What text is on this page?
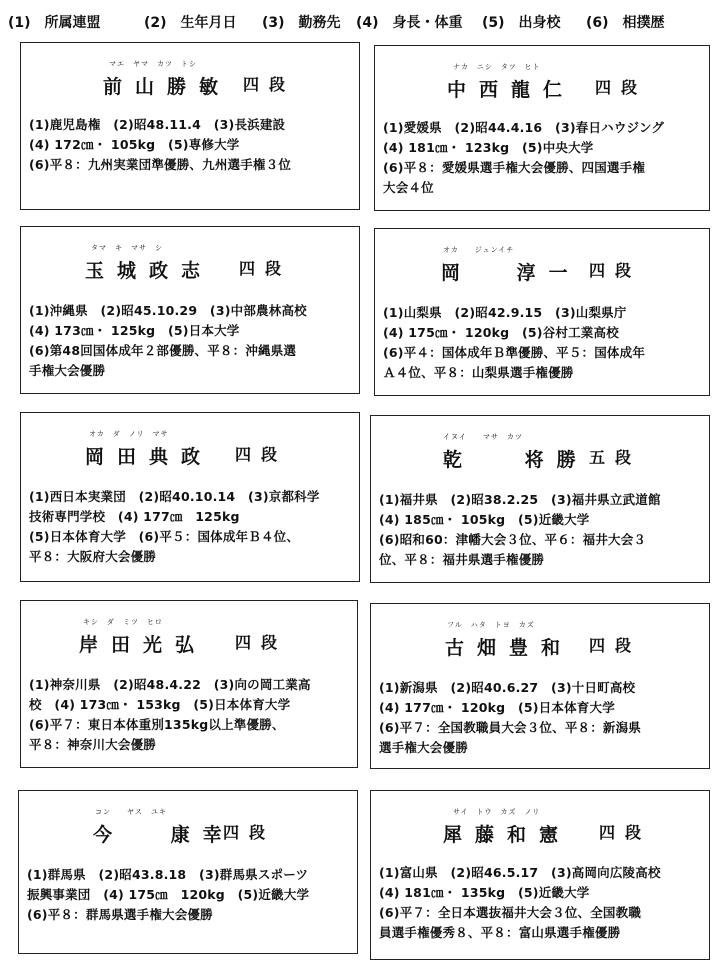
(1)　 所属連盟	(2)　 生年月日 (3)　 勤務先 (4)　 身長・体重 (5)　 出身校 (6)　 相撲歴
マエ　ヤマ　カツ　トシ
前山勝敏 四段
(1)鹿児島権　(2)昭48.11.4　(3)長浜建設
(4) 172㎝・ 105kg　(5)専修大学
(6)平８：九州実業団準優勝、九州選手権３位
ナカ　ニシ　タツ　ヒト
中西龍仁 四段
(1)愛媛県　(2)昭44.4.16　(3)春日ハウジング
(4) 181㎝・ 123kg　(5)中央大学
(6)平８：愛媛県選手権大会優勝、四国選手権
大会４位
タマ　キ　マサ　シ
玉城政志 四段
(1)沖縄県　(2)昭45.10.29　(3)中部農林高校
(4) 173㎝・ 125kg　(5)日本大学
(6)第48回国体成年２部優勝、平８：沖縄県選
手権大会優勝
オカ　　ジュンイチ
岡 淳一 四段
(1)山梨県　(2)昭42.9.15　(3)山梨県庁
(4) 175㎝・ 120kg　(5)谷村工業高校
(6)平４：国体成年Ｂ準優勝、平５：国体成年
Ａ４位、平８：山梨県選手権優勝
オカ　ダ　ノリ　マサ
岡田典政 四段
(1)西日本実業団　(2)昭40.10.14　(3)京都科学
技術専門学校　(4) 177㎝　125kg
(5)日本体育大学　(6)平５：国体成年Ｂ４位、
平８：大阪府大会優勝
イヌイ　　マサ　カツ
乾 将勝 五段
(1)福井県　(2)昭38.2.25　(3)福井県立武道館
(4) 185㎝・ 105kg　(5)近畿大学
(6)昭和60：津幡大会３位、平６：福井大会３
位、平８：福井県選手権優勝
キシ　ダ　ミツ　ヒロ
岸田光弘 四段
(1)神奈川県　(2)昭48.4.22　(3)向の岡工業高
校　(4) 173㎝・ 153kg　(5)日本体育大学
(6)平７：東日本体重別135kg以上準優勝、
平８：神奈川大会優勝
フル　ハタ　トヨ　カズ
古畑豊和 四段
(1)新潟県　(2)昭40.6.27　(3)十日町高校
(4) 177㎝・ 120kg　(5)日本体育大学
(6)平７：全国教職員大会３位、平８：新潟県
選手権大会優勝
コン　　ヤス　ユキ
今 康幸
四段
(1)群馬県　(2)昭43.8.18　(3)群馬県スポーツ
振興事業団　(4) 175㎝　120kg　(5)近畿大学
(6)平８：群馬県選手権大会優勝
サイ　トウ　カズ　ノリ
犀藤和憲 四段
(1)富山県　(2)昭46.5.17　(3)高岡向広陵高校
(4) 181㎝・ 135kg　(5)近畿大学
(6)平７：全日本選抜福井大会３位、全国教職
員選手権優秀８、平８：富山県選手権優勝
